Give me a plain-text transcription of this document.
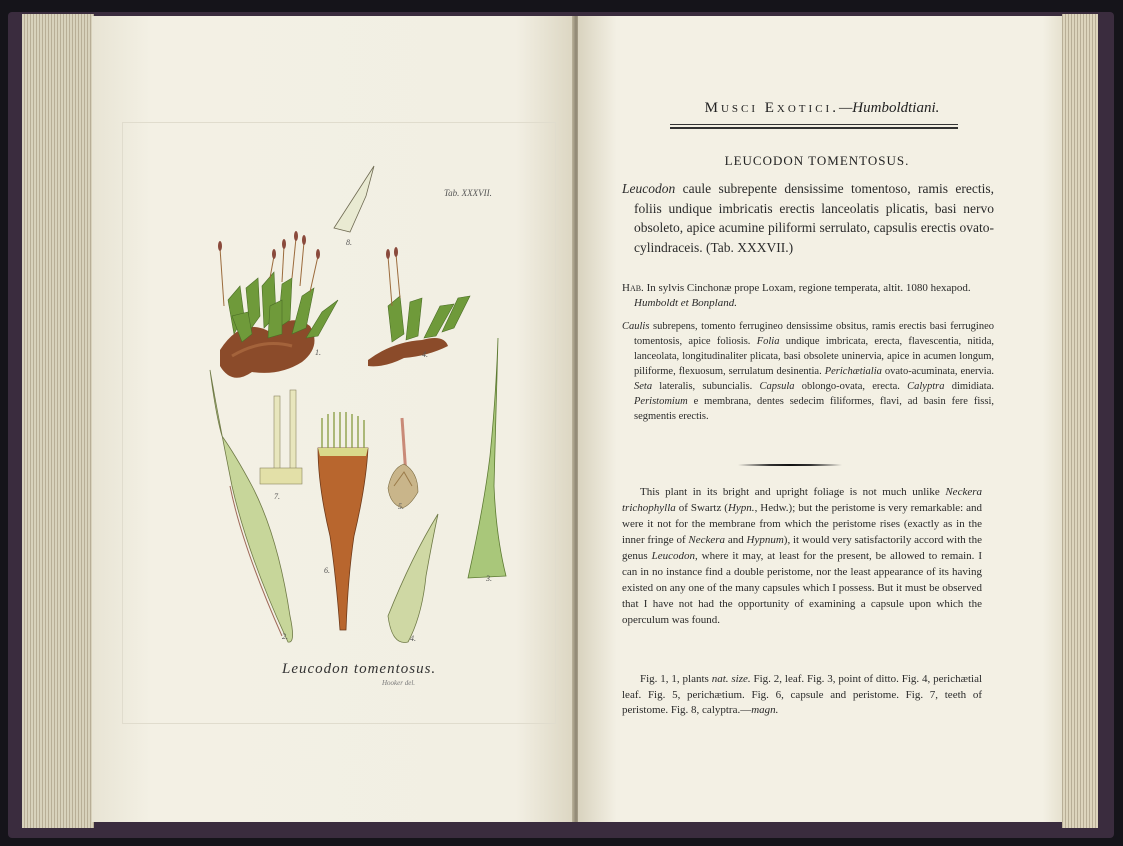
Tab. XXXVII.
8.
1.	4.
7.
5.
6.
3.
2.	4.
Leucodon tomentosus.
Hooker del.
Musci Exotici.—Humboldtiani.
LEUCODON TOMENTOSUS.
Leucodon caule subrepente densissime tomentoso, ramis erectis, foliis undique imbricatis erectis lanceolatis plicatis, basi nervo obsoleto, apice acumine piliformi serrulato, capsulis erectis ovato-cylindraceis. (Tab. XXXVII.)
Hab. In sylvis Cinchonæ prope Loxam, regione temperata, altit. 1080 hexapod. Humboldt et Bonpland.
Caulis subrepens, tomento ferrugineo densissime obsitus, ramis erectis basi ferrugineo tomentosis, apice foliosis. Folia undique imbricata, erecta, flavescentia, nitida, lanceolata, longitudinaliter plicata, basi obsolete uninervia, apice in acumen longum, piliforme, flexuosum, serrulatum desinentia. Perichætialia ovato-acuminata, enervia. Seta lateralis, subuncialis. Capsula oblongo-ovata, erecta. Calyptra dimidiata. Peristomium e membrana, dentes sedecim filiformes, flavi, ad basin fere fissi, segmentis erectis.
This plant in its bright and upright foliage is not much unlike Neckera trichophylla of Swartz (Hypn., Hedw.); but the peristome is very remarkable: and were it not for the membrane from which the peristome rises (exactly as in the inner fringe of Neckera and Hypnum), it would very satisfactorily accord with the genus Leucodon, where it may, at least for the present, be allowed to remain. I can in no instance find a double peristome, nor the least appearance of its having existed on any one of the many capsules which I possess. But it must be observed that I have not had the opportunity of examining a capsule upon which the operculum was found.
Fig. 1, 1, plants nat. size. Fig. 2, leaf. Fig. 3, point of ditto. Fig. 4, perichætial leaf. Fig. 5, perichætium. Fig. 6, capsule and peristome. Fig. 7, teeth of peristome. Fig. 8, calyptra.—magn.
